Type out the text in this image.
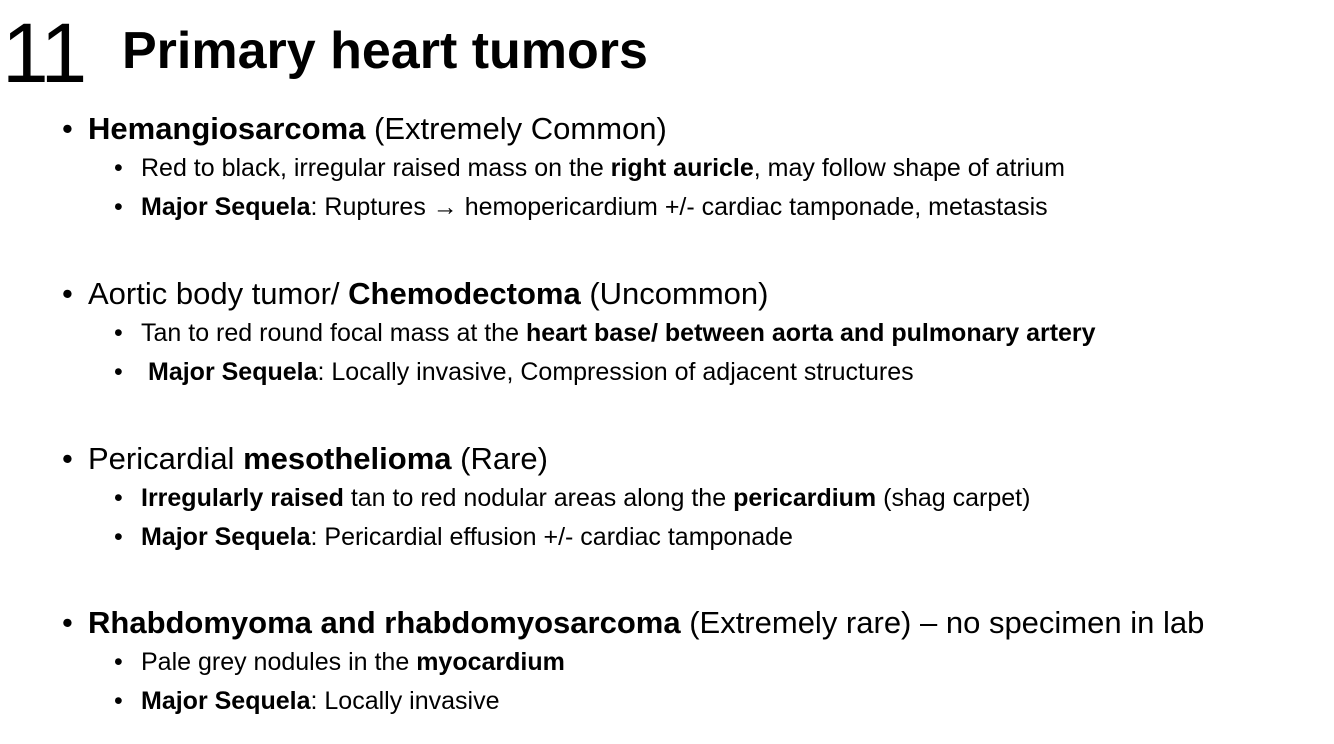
11 Primary heart tumors
• Hemangiosarcoma (Extremely Common)
• Red to black, irregular raised mass on the right auricle, may follow shape of atrium
• Major Sequela: Ruptures → hemopericardium +/- cardiac tamponade, metastasis
• Aortic body tumor/ Chemodectoma (Uncommon)
• Tan to red round focal mass at the heart base/ between aorta and pulmonary artery
• Major Sequela: Locally invasive, Compression of adjacent structures
• Pericardial mesothelioma (Rare)
• Irregularly raised tan to red nodular areas along the pericardium (shag carpet)
• Major Sequela: Pericardial effusion +/- cardiac tamponade
• Rhabdomyoma and rhabdomyosarcoma (Extremely rare) – no specimen in lab
• Pale grey nodules in the myocardium
• Major Sequela: Locally invasive
